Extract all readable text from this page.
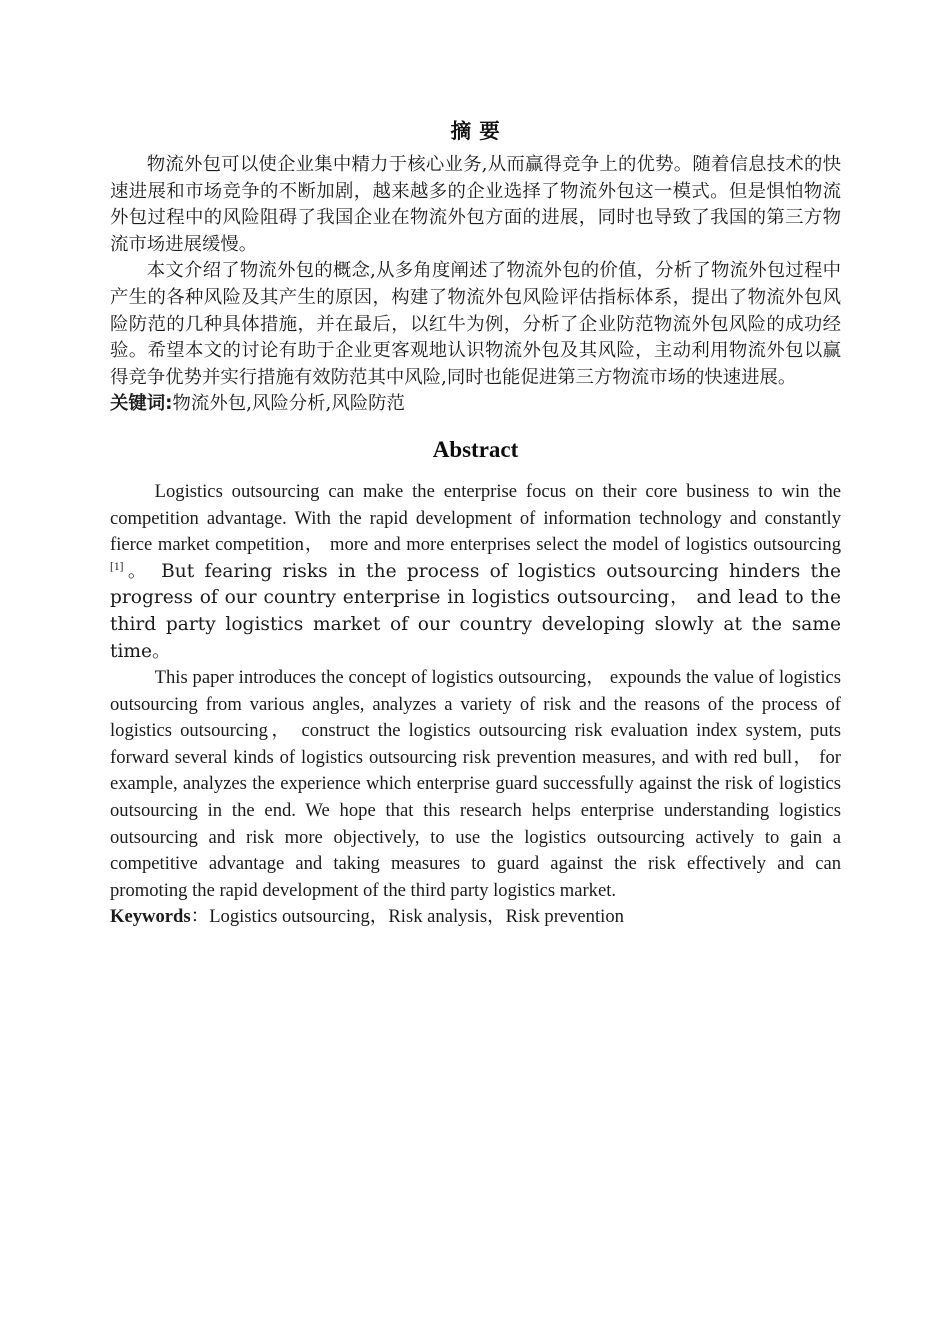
摘 要

物流外包可以使企业集中精力于核心业务,从而赢得竞争上的优势。随着信息技术的快速进展和市场竞争的不断加剧，越来越多的企业选择了物流外包这一模式。但是惧怕物流外包过程中的风险阻碍了我国企业在物流外包方面的进展，同时也导致了我国的第三方物流市场进展缓慢。

本文介绍了物流外包的概念,从多角度阐述了物流外包的价值，分析了物流外包过程中产生的各种风险及其产生的原因，构建了物流外包风险评估指标体系，提出了物流外包风险防范的几种具体措施，并在最后，以红牛为例，分析了企业防范物流外包风险的成功经验。希望本文的讨论有助于企业更客观地认识物流外包及其风险，主动利用物流外包以赢得竞争优势并实行措施有效防范其中风险,同时也能促进第三方物流市场的快速进展。

关键词:物流外包,风险分析,风险防范

Abstract

Logistics outsourcing can make the enterprise focus on their core business to win the competition advantage. With the rapid development of information technology and constantly fierce market competition， more and more enterprises select the model of logistics outsourcing [1]。 But fearing risks in the process of logistics outsourcing hinders the progress of our country enterprise in logistics outsourcing， and lead to the third party logistics market of our country developing slowly at the same time。

This paper introduces the concept of logistics outsourcing， expounds the value of logistics outsourcing from various angles, analyzes a variety of risk and the reasons of the process of logistics outsourcing， construct the logistics outsourcing risk evaluation index system, puts forward several kinds of logistics outsourcing risk prevention measures, and with red bull， for example, analyzes the experience which enterprise guard successfully against the risk of logistics outsourcing in the end. We hope that this research helps enterprise understanding logistics outsourcing and risk more objectively, to use the logistics outsourcing actively to gain a competitive advantage and taking measures to guard against the risk effectively and can promoting the rapid development of the third party logistics market.

Keywords：Logistics outsourcing，Risk analysis，Risk prevention
